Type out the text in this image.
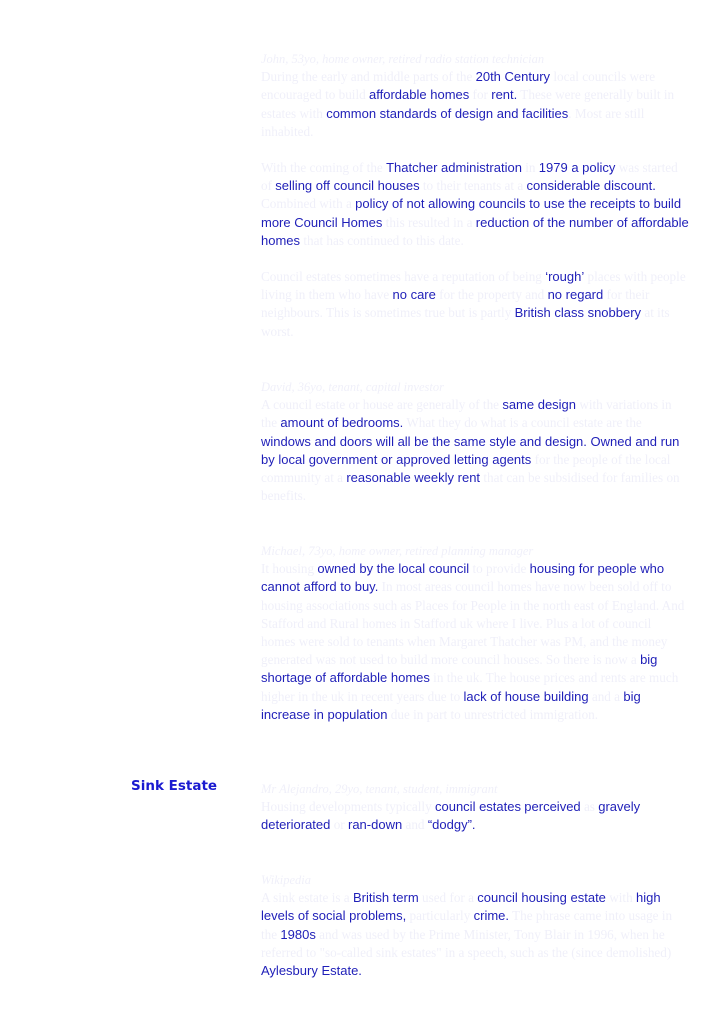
Sink Estate
John, 53yo, home owner, retired radio station technician
During the early and middle parts of the 20th Century local councils were encouraged to build affordable homes for rent. These were generally built in estates with common standards of design and facilities. Most are still inhabited.
With the coming of the Thatcher administration in 1979 a policy was started of selling off council houses to their tenants at a considerable discount. Combined with a policy of not allowing councils to use the receipts to build more Council Homes this resulted in a reduction of the number of affordable homes that has continued to this date.
Council estates sometimes have a reputation of being ‘rough’ places with people living in them who have no care for the property and no regard for their neighbours. This is sometimes true but is partly British class snobbery at its worst.
David, 36yo, tenant, capital investor
A council estate or house are generally of the same design with variations in the amount of bedrooms. What they do what is a council estate are the windows and doors will all be the same style and design. Owned and run by local government or approved letting agents for the people of the local community at a reasonable weekly rent that can be subsidised for families on benefits.
Michael, 73yo, home owner, retired planning manager
It housing owned by the local council to provide housing for people who cannot afford to buy. In most areas council homes have now been sold off to housing associations such as Places for People in the north east of England. And Stafford and Rural homes in Stafford uk where I live. Plus a lot of council homes were sold to tenants when Margaret Thatcher was PM, and the money generated was not used to build more council houses. So there is now a big shortage of affordable homes in the uk. The house prices and rents are much higher in the uk in recent years due to lack of house building and a big increase in population due in part to unrestricted immigration.
Mr Alejandro, 29yo, tenant, student, immigrant
Housing developments typically council estates perceived as gravely deteriorated or ran-down and “dodgy”.
Wikipedia
A sink estate is a British term used for a council housing estate with high levels of social problems, particularly crime. The phrase came into usage in the 1980s and was used by the Prime Minister, Tony Blair in 1996, when he referred to "so-called sink estates" in a speech, such as the (since demolished) Aylesbury Estate.
